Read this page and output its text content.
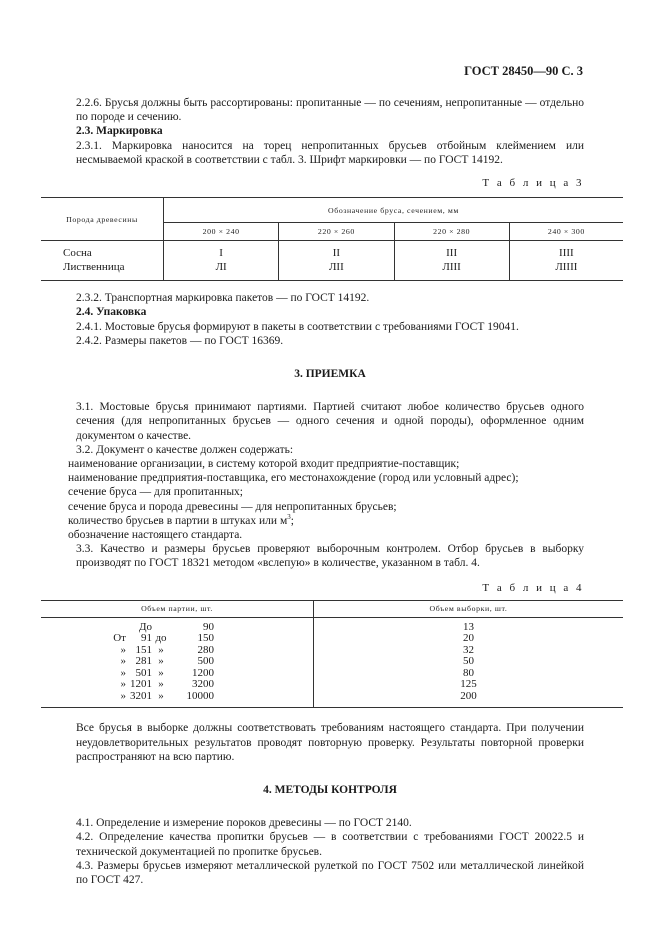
ГОСТ 28450—90 С. 3

2.2.6. Брусья должны быть рассортированы: пропитанные — по сечениям, непропитанные — отдельно по породе и сечению.

2.3. Маркировка

2.3.1. Маркировка наносится на торец непропитанных брусьев отбойным клеймением или несмываемой краской в соответствии с табл. 3. Шрифт маркировки — по ГОСТ 14192.

Т а б л и ц а 3
Порода древесины	Обозначение бруса, сечением, мм			
	200 × 240	220 × 260	220 × 280	240 × 300
Сосна	I	II	III	IIII
Лиственница	ЛI	ЛII	ЛIII	ЛIIII

2.3.2. Транспортная маркировка пакетов — по ГОСТ 14192.

2.4. Упаковка

2.4.1. Мостовые брусья формируют в пакеты в соответствии с требованиями ГОСТ 19041.

2.4.2. Размеры пакетов — по ГОСТ 16369.

3. ПРИЕМКА

3.1. Мостовые брусья принимают партиями. Партией считают любое количество брусьев одного сечения (для непропитанных брусьев — одного сечения и одной породы), оформленное одним документом о качестве.

3.2. Документ о качестве должен содержать:

наименование организации, в систему которой входит предприятие-поставщик;

наименование предприятия-поставщика, его местонахождение (город или условный адрес);

сечение бруса — для пропитанных;

сечение бруса и порода древесины — для непропитанных брусьев;

количество брусьев в партии в штуках или $м^3$;

обозначение настоящего стандарта.

3.3. Качество и размеры брусьев проверяют выборочным контролем. Отбор брусьев в выборку производят по ГОСТ 18321 методом «вслепую» в количестве, указанном в табл. 4.

Т а б л и ц а 4
Объем партии, шт.	Объем выборки, шт.
До 90	13
От 91 до 150	20
» 151 » 280	32
» 281 » 500	50
» 501 » 1200	80
» 1201 » 3200	125
» 3201 » 10000	200

Все брусья в выборке должны соответствовать требованиям настоящего стандарта. При получении неудовлетворительных результатов проводят повторную проверку. Результаты повторной проверки распространяют на всю партию.

4. МЕТОДЫ КОНТРОЛЯ

4.1. Определение и измерение пороков древесины — по ГОСТ 2140.

4.2. Определение качества пропитки брусьев — в соответствии с требованиями ГОСТ 20022.5 и технической документацией по пропитке брусьев.

4.3. Размеры брусьев измеряют металлической рулеткой по ГОСТ 7502 или металлической линейкой по ГОСТ 427.
